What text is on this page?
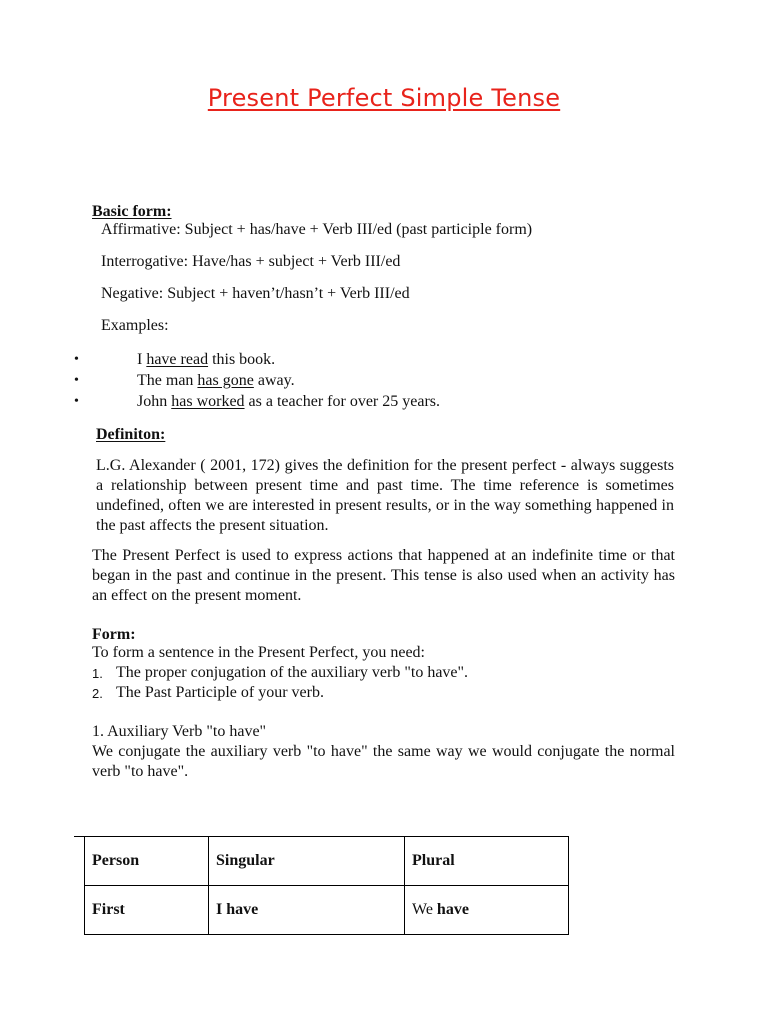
Present Perfect Simple Tense
Basic form:
Affirmative: Subject + has/have + Verb III/ed (past participle form)
Interrogative: Have/has + subject + Verb III/ed
Negative: Subject + haven’t/hasn’t + Verb III/ed
Examples:
•	I have read this book.
•	The man has gone away.
•	John has worked as a teacher for over 25 years.
Definiton:
L.G. Alexander ( 2001, 172) gives the definition for the present perfect - always suggests a relationship between present time and past time. The time reference is sometimes undefined, often we are interested in present results, or in the way something happened in the past affects the present situation.
The Present Perfect is used to express actions that happened at an indefinite time or that began in the past and continue in the present. This tense is also used when an activity has an effect on the present moment.
Form:
To form a sentence in the Present Perfect, you need:
1. The proper conjugation of the auxiliary verb "to have".
2. The Past Participle of your verb.
1. Auxiliary Verb "to have"
We conjugate the auxiliary verb "to have" the same way we would conjugate the normal verb "to have".
Person	Singular	Plural
First	I have	We have
